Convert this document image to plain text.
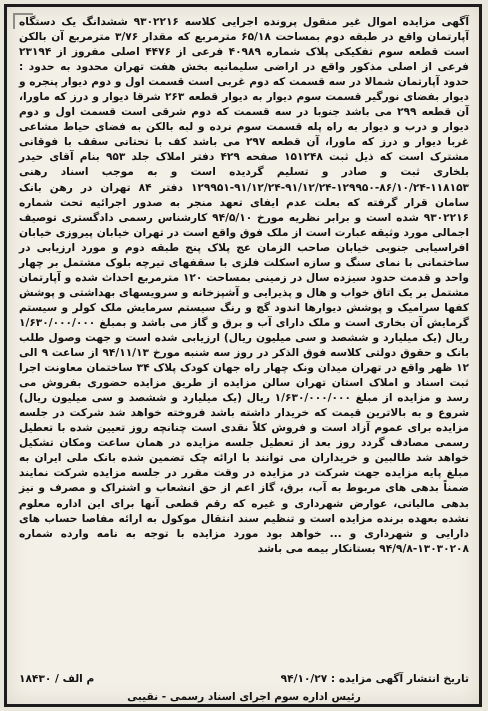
آگهی مزایده اموال غیر منقول پرونده اجرایی کلاسه ۹۳۰۲۲۱۶ ششدانگ یک دستگاه آپارتمان واقع در طبقه دوم بمساحت ۶۵/۱۸ مترمربع که مقدار ۳/۷۶ مترمربع آن بالکن است قطعه سوم تفکیکی پلاک شماره ۴۰۹۸۹ فرعی از ۴۴۷۶ اصلی مفروز از ۲۳۱۹۴ فرعی از اصلی مذکور واقع در اراضی سلیمانیه بخش هفت تهران محدود به حدود : حدود آپارتمان شمالا در سه قسمت که دوم غربی است قسمت اول و دوم دیوار پنجره و دیوار بفضای نورگیر قسمت سوم دیوار به دیوار قطعه ۲۶۳ شرقا دیوار و درز که ماورا، آن قطعه ۲۹۹ می باشد جنوبا در سه قسمت که دوم شرقی است قسمت اول و دوم دیوار و درب و دیوار به راه پله قسمت سوم نرده و لبه بالکن به فضای حیاط مشاعی غربا دیوار و درز که ماورا، آن قطعه ۲۹۷ می باشد کف با تحتانی سقف با فوقانی مشترک است که ذیل ثبت ۱۵۱۲۴۸ صفحه ۴۲۹ دفتر املاک جلد ۹۵۳ بنام آقای حیدر بلخاری ثبت و صادر و تسلیم گردیده است و به موجب اسناد رهنی ۱۱۸۱۵۳-۸۶/۱۰/۲۴-۱۲۹۹۵۰-۹۱/۱۲/۲۴-۹۱/۱۲/۲۴-۱۲۹۹۵۱ دفتر ۸۴ تهران در رهن بانک سامان قرار گرفته که بعلت عدم ایفای تعهد منجر به صدور اجرائیه تحت شماره ۹۳۰۲۲۱۶ شده است و برابر نظریه مورخ ۹۴/۵/۱۰ کارشناس رسمی دادگستری توصیف اجمالی مورد وثیقه عبارت است از ملک فوق واقع است در تهران خیابان پیروزی خیابان افراسیابی جنوبی خیابان صاحب الزمان عج پلاک پنج طبقه دوم و مورد ارزیابی در ساختمانی با نمای سنگ و سازه اسکلت فلزی با سقفهای تیرچه بلوک مشتمل بر چهار واحد و قدمت حدود سیزده سال در زمینی بمساحت ۱۲۰ مترمربع احداث شده و آپارتمان مشتمل بر یک اتاق خواب و هال و پذیرایی و آشپزخانه و سرویسهای بهداشتی و پوشش کفها سرامیک و پوشش دیوارها اندود گچ و رنگ سیستم سرمایش ملک کولر و سیستم گرمایش آن بخاری است و ملک دارای آب و برق و گاز می باشد و بمبلغ ۱/۶۳۰/۰۰۰/۰۰۰ ریال (یک میلیارد و ششصد و سی میلیون ریال) ارزیابی شده است و جهت وصول طلب بانک و حقوق دولتی کلاسه فوق الذکر در روز سه شنبه مورخ ۹۴/۱۱/۱۳ از ساعت ۹ الی ۱۲ ظهر واقع در تهران میدان ونک چهار راه جهان کودک پلاک ۳۴ ساختمان معاونت اجرا ثبت اسناد و املاک استان تهران سالن مزایده از طریق مزایده حضوری بفروش می رسد و مزایده از مبلغ ۱/۶۳۰/۰۰۰/۰۰۰ ریال (یک میلیارد و ششصد و سی میلیون ریال) شروع و به بالاترین قیمت که خریدار داشته باشد فروخته خواهد شد شرکت در جلسه مزایده برای عموم آزاد است و فروش کلاً نقدی است چنانچه روز تعیین شده با تعطیل رسمی مصادف گردد روز بعد از تعطیل جلسه مزایده در همان ساعت ومکان تشکیل خواهد شد طالبین و خریداران می توانند با ارائه چک تضمین شده بانک ملی ایران به مبلغ پایه مزایده جهت شرکت در مزایده در وقت مقرر در جلسه مزایده شرکت نمایند ضمناً بدهی های مربوط به آب، برق، گاز اعم از حق انشعاب و اشتراک و مصرف و نیز بدهی مالیاتی، عوارض شهرداری و غیره که رقم قطعی آنها برای این اداره معلوم نشده بعهده برنده مزایده است و تنظیم سند انتقال موکول به ارائه مفاصا حساب های دارایی و شهرداری و ... خواهد بود مورد مزایده با توجه به نامه وارده شماره ۱۳۰۳۰۲۰۸-۹۴/۹/۸ بستانکار بیمه می باشد

تاریخ انتشار آگهی مزایده : ۹۴/۱۰/۲۷
۱۸۴۳۰ / م الف
رئیس اداره سوم اجرای اسناد رسمی - نقیبی
